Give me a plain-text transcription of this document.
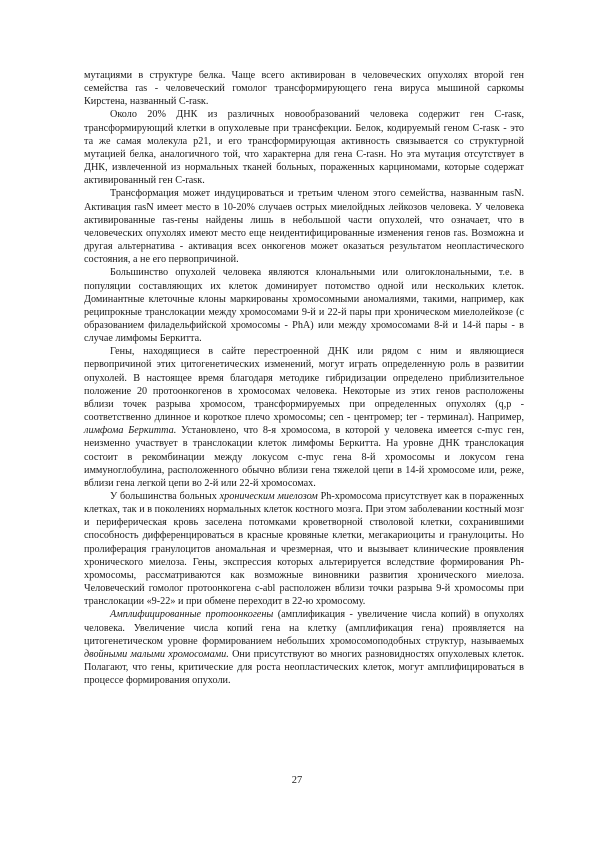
мутациями в структуре белка. Чаще всего активирован в человеческих опухолях второй ген семейства ras - человеческий гомолог трансформирующего гена вируса мышиной саркомы Кирстена, названный C-rasк.

Около 20% ДНК из различных новообразований человека содержит ген C-rasк, трансформирующий клетки в опухолевые при трансфекции. Белок, кодируемый геном C-rasк - это та же самая молекула p21, и его трансформирующая активность связывается со структурной мутацией белка, аналогичного той, что характерна для гена C-rasн. Но эта мутация отсутствует в ДНК, извлеченной из нормальных тканей больных, пораженных карциномами, которые содержат активированный ген C-rasк.

Трансформация может индуцироваться и третьим членом этого семейства, названным rasN. Активация rasN имеет место в 10-20% случаев острых миелойдных лейкозов человека. У человека активированные ras-гены найдены лишь в небольшой части опухолей, что означает, что в человеческих опухолях имеют место еще неидентифицированные изменения генов ras. Возможна и другая альтернатива - активация всех онкогенов может оказаться результатом неопластического состояния, а не его первопричиной.

Большинство опухолей человека являются клональными или олигоклональными, т.е. в популяции составляющих их клеток доминирует потомство одной или нескольких клеток. Доминантные клеточные клоны маркированы хромосомными аномалиями, такими, например, как реципрокные транслокации между хромосомами 9-й и 22-й пары при хроническом миелолейкозе (с образованием филадельфийской хромосомы - PhA) или между хромосомами 8-й и 14-й пары - в случае лимфомы Беркитта.

Гены, находящиеся в сайте перестроенной ДНК или рядом с ним и являющиеся первопричиной этих цитогенетических изменений, могут играть определенную роль в развитии опухолей. В настоящее время благодаря методике гибридизации определено приблизительное положение 20 протоонкогенов в хромосомах человека. Некоторые из этих генов расположены вблизи точек разрыва хромосом, трансформируемых при определенных опухолях (q,p - соответственно длинное и короткое плечо хромосомы; cen - центромер; ter - терминал). Например, лимфома Беркитта. Установлено, что 8-я хромосома, в которой у человека имеется c-myc ген, неизменно участвует в транслокации клеток лимфомы Беркитта. На уровне ДНК транслокация состоит в рекомбинации между локусом c-myc гена 8-й хромосомы и локусом гена иммуноглобулина, расположенного обычно вблизи гена тяжелой цепи в 14-й хромосоме или, реже, вблизи гена легкой цепи во 2-й или 22-й хромосомах.

У большинства больных хроническим миелозом Ph-хромосома присутствует как в пораженных клетках, так и в поколениях нормальных клеток костного мозга. При этом заболевании костный мозг и периферическая кровь заселена потомками кроветворной стволовой клетки, сохранившими способность дифференцироваться в красные кровяные клетки, мегакариоциты и гранулоциты. Но пролиферация гранулоцитов аномальная и чрезмерная, что и вызывает клинические проявления хронического миелоза. Гены, экспрессия которых альтерируется вследствие формирования Ph-хромосомы, рассматриваются как возможные виновники развития хронического миелоза. Человеческий гомолог протоонкогена c-abl расположен вблизи точки разрыва 9-й хромосомы при транслокации «9-22» и при обмене переходит в 22-ю хромосому.

Амплифицированные протоонкогены (амплификация - увеличение числа копий) в опухолях человека. Увеличение числа копий гена на клетку (амплификация гена) проявляется на цитогенетическом уровне формированием небольших хромосомоподобных структур, называемых двойными малыми хромосомами. Они присутствуют во многих разновидностях опухолевых клеток. Полагают, что гены, критические для роста неопластических клеток, могут амплифицироваться в процессе формирования опухоли.

27
